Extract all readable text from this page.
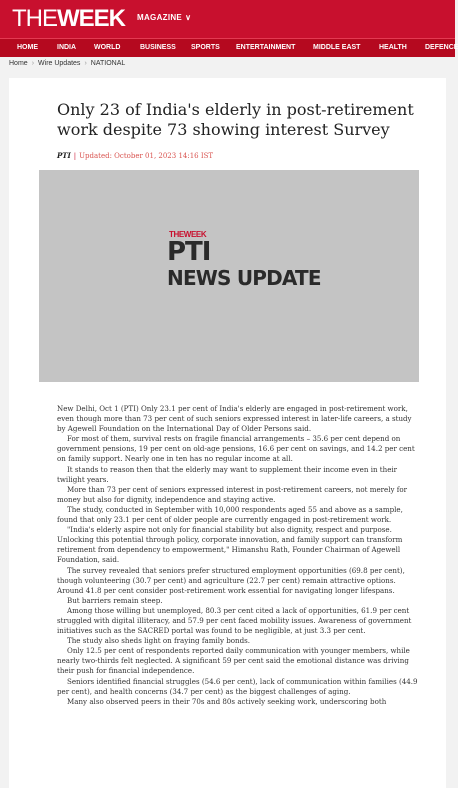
THEWEEK MAGAZINE ∨
HOME	INDIA	WORLD	BUSINESS SPORTS ENTERTAINMENT	MIDDLE EAST	HEALTH	DEFENCE
Home › Wire Updates › NATIONAL
Only 23 of India's elderly in post-retirement work despite 73 showing interest Survey
PTI | Updated: October 01, 2023 14:16 IST
THEWEEK
PTI
NEWS UPDATE

New Delhi, Oct 1 (PTI) Only 23.1 per cent of India's elderly are engaged in post-retirement work, even though more than 73 per cent of such seniors expressed interest in later-life careers, a study by Agewell Foundation on the International Day of Older Persons said.

For most of them, survival rests on fragile financial arrangements – 35.6 per cent depend on government pensions, 19 per cent on old-age pensions, 16.6 per cent on savings, and 14.2 per cent on family support. Nearly one in ten has no regular income at all.

It stands to reason then that the elderly may want to supplement their income even in their twilight years.

More than 73 per cent of seniors expressed interest in post-retirement careers, not merely for money but also for dignity, independence and staying active.

The study, conducted in September with 10,000 respondents aged 55 and above as a sample, found that only 23.1 per cent of older people are currently engaged in post-retirement work.

"India's elderly aspire not only for financial stability but also dignity, respect and purpose. Unlocking this potential through policy, corporate innovation, and family support can transform retirement from dependency to empowerment," Himanshu Rath, Founder Chairman of Agewell Foundation, said.

The survey revealed that seniors prefer structured employment opportunities (69.8 per cent), though volunteering (30.7 per cent) and agriculture (22.7 per cent) remain attractive options. Around 41.8 per cent consider post-retirement work essential for navigating longer lifespans.

But barriers remain steep.

Among those willing but unemployed, 80.3 per cent cited a lack of opportunities, 61.9 per cent struggled with digital illiteracy, and 57.9 per cent faced mobility issues. Awareness of government initiatives such as the SACRED portal was found to be negligible, at just 3.3 per cent.

The study also sheds light on fraying family bonds.

Only 12.5 per cent of respondents reported daily communication with younger members, while nearly two-thirds felt neglected. A significant 59 per cent said the emotional distance was driving their push for financial independence.

Seniors identified financial struggles (54.6 per cent), lack of communication within families (44.9 per cent), and health concerns (34.7 per cent) as the biggest challenges of aging.

Many also observed peers in their 70s and 80s actively seeking work, underscoring both
